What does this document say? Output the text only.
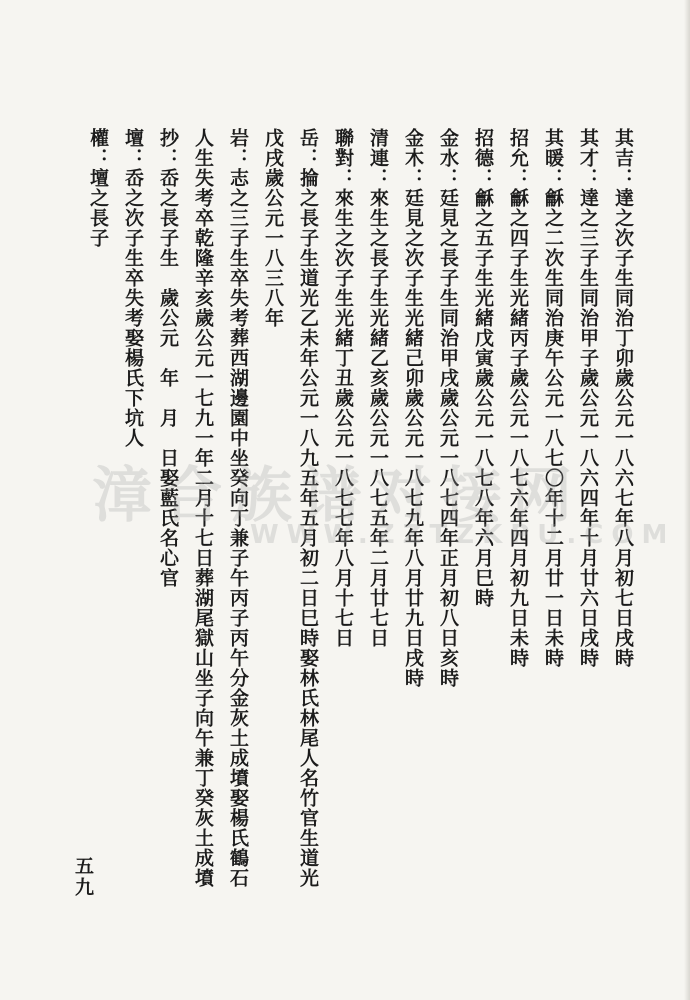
其吉：達之次子生同治丁卯歲公元一八六七年八月初七日戌時
其才：達之三子生同治甲子歲公元一八六四年十月廿六日戌時
其暖：龢之二次生同治庚午公元一八七〇年十二月廿一日未時
招允：龢之四子生光緒丙子歲公元一八七六年四月初九日未時
招德：龢之五子生光緒戊寅歲公元一八七八年六月巳時
金水：廷見之長子生同治甲戌歲公元一八七四年正月初八日亥時
金木：廷見之次子生光緒己卯歲公元一八七九年八月廿九日戌時
清連：來生之長子生光緒乙亥歲公元一八七五年二月廿七日
聯對：來生之次子生光緒丁丑歲公元一八七七年八月十七日
岳：掄之長子生道光乙未年公元一八九五年五月初二日巳時娶林氏林尾人名竹官生道光
戊戌歲公元一八三八年
岩：志之三子生卒失考葬西湖邊園中坐癸向丁兼子午丙子丙午分金灰土成墳娶楊氏鶴石
人生失考卒乾隆辛亥歲公元一七九一年二月十七日葬湖尾獄山坐子向午兼丁癸灰土成墳
抄：岙之長子生　歲公元　年　月　日娶藍氏名心官
壇：岙之次子生卒失考娶楊氏下坑人
權：壇之長子
五九
漳合族谱对接网
WWW.ZZTZKPU.COM
